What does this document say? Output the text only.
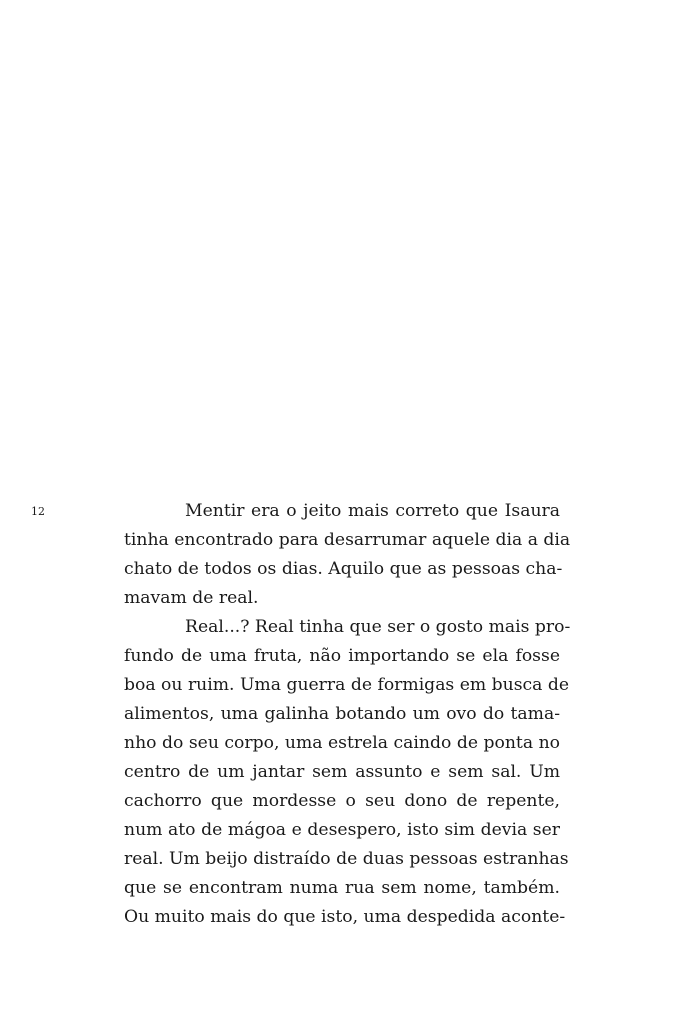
12	Mentir era o jeito mais correto que Isaura
tinha encontrado para desarrumar aquele dia a dia
chato de todos os dias. Aquilo que as pessoas cha-
mavam de real.
Real...? Real tinha que ser o gosto mais pro-
fundo de uma fruta, não importando se ela fosse
boa ou ruim. Uma guerra de formigas em busca de
alimentos, uma galinha botando um ovo do tama-
nho do seu corpo, uma estrela caindo de ponta no
centro de um jantar sem assunto e sem sal. Um
cachorro que mordesse o seu dono de repente,
num ato de mágoa e desespero, isto sim devia ser
real. Um beijo distraído de duas pessoas estranhas
que se encontram numa rua sem nome, também.
Ou muito mais do que isto, uma despedida aconte-
